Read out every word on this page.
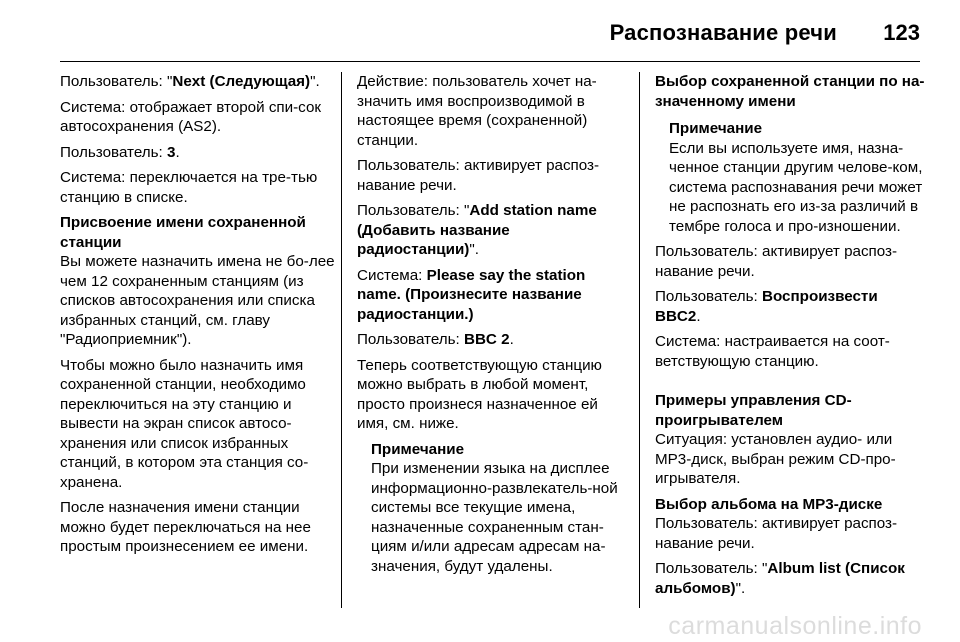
Распознавание речи 123

Пользователь: "Next (Следующая)".

Система: отображает второй спи-сок автосохранения (AS2).

Пользователь: 3.

Система: переключается на тре-тью станцию в списке.

Присвоение имени сохраненной станции

Вы можете назначить имена не бо-лее чем 12 сохраненным станциям (из списков автосохранения или списка избранных станций, см. главу "Радиоприемник").

Чтобы можно было назначить имя сохраненной станции, необходимо переключиться на эту станцию и вывести на экран список автосо-хранения или список избранных станций, в котором эта станция со-хранена.

После назначения имени станции можно будет переключаться на нее простым произнесением ее имени.

Действие: пользователь хочет на-значить имя воспроизводимой в настоящее время (сохраненной) станции.

Пользователь: активирует распоз-навание речи.

Пользователь: "Add station name (Добавить название радиостанции)".

Система: Please say the station name. (Произнесите название радиостанции.)

Пользователь: BBC 2.

Теперь соответствующую станцию можно выбрать в любой момент, просто произнеся назначенное ей имя, см. ниже.

Примечание
При изменении языка на дисплее информационно-развлекатель-ной системы все текущие имена, назначенные сохраненным стан-циям и/или адресам адресам на-значения, будут удалены.

Выбор сохраненной станции по на-значенному имени

Примечание
Если вы используете имя, назна-ченное станции другим челове-ком, система распознавания речи может не распознать его из-за различий в тембре голоса и про-изношении.

Пользователь: активирует распоз-навание речи.

Пользователь: Воспроизвести BBC2.

Система: настраивается на соот-ветствующую станцию.

Примеры управления CD-проигрывателем

Ситуация: установлен аудио- или MP3-диск, выбран режим CD-про-игрывателя.

Выбор альбома на MP3-диске

Пользователь: активирует распоз-навание речи.

Пользователь: "Album list (Список альбомов)".

carmanualsonline.info
